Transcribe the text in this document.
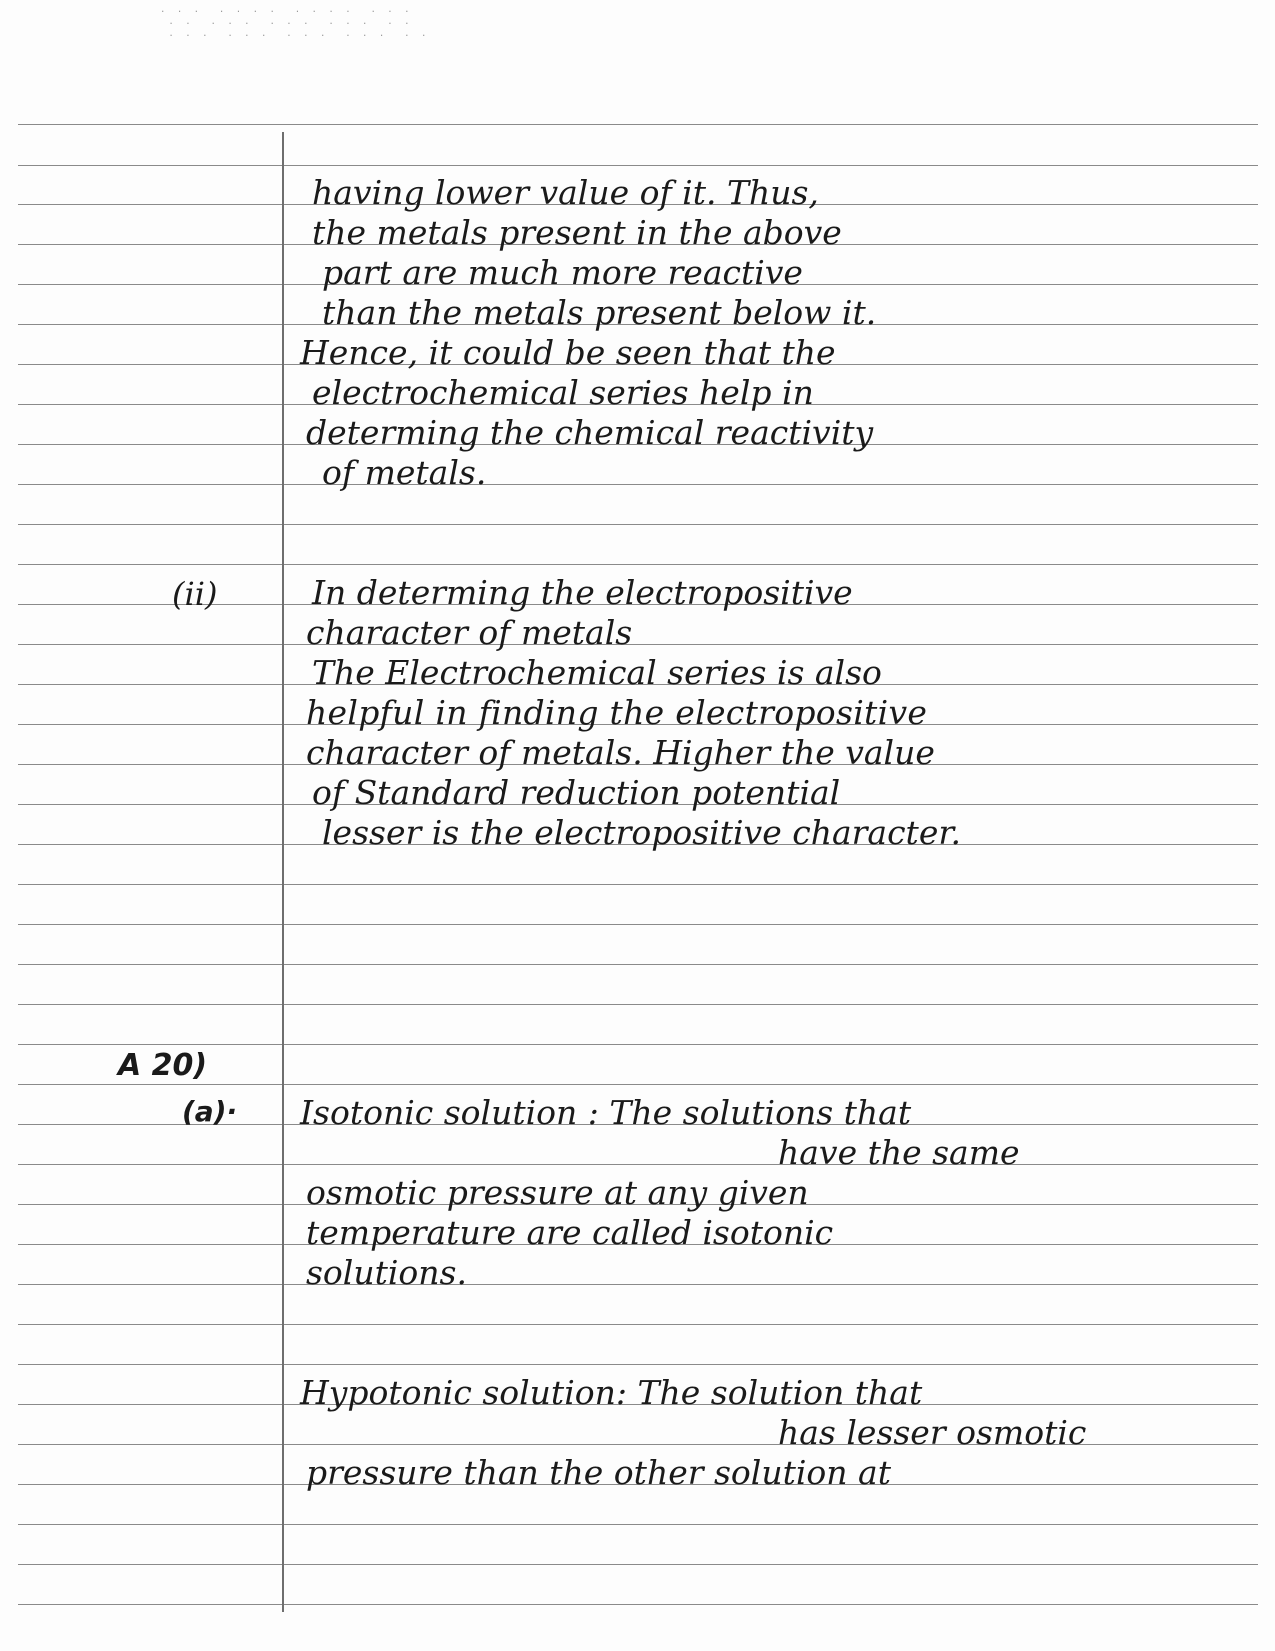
. . .  . . . .  . . . .  . . .
. .  . . .  . . .  . . .  . .
. . .  . . .  . . .  . . .  . .
having lower value of it. Thus,
the metals present in the above
part are much more reactive
than the metals present below it.
Hence, it could be seen that the
electrochemical series help in
determing the chemical reactivity
of metals.
(ii)	In determing the electropositive
character of metals
The Electrochemical series is also
helpful in finding the electropositive
character of metals. Higher the value
of Standard reduction potential
lesser is the electropositive character.
A 20)
(a)· Isotonic solution : The solutions that
have the same
osmotic pressure at any given
temperature are called isotonic
solutions.
Hypotonic solution: The solution that
has lesser osmotic
pressure than the other solution at
